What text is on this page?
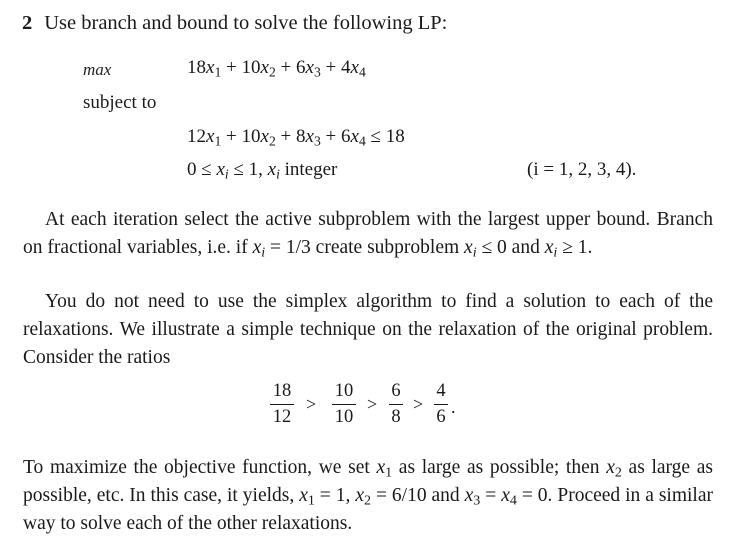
2 Use branch and bound to solve the following LP:
max	$18x_1 + 10x_2 + 6x_3 + 4x_4$
subject to
$12x_1 + 10x_2 + 8x_3 + 6x_4 \le 18$
$0 \le x_i \le 1$, $x_i$ integer	(i = 1, 2, 3, 4).
At each iteration select the active subproblem with the largest upper bound. Branch on fractional variables, i.e. if $x_i = 1/3$ create subproblem $x_i \le 0$ and $x_i \ge 1$.
You do not need to use the simplex algorithm to find a solution to each of the relaxations. We illustrate a simple technique on the relaxation of the original problem. Consider the ratios
18
12
>
10
10
>
6
8
>
4
6 .
To maximize the objective function, we set $x_1$ as large as possible; then $x_2$ as large as possible, etc. In this case, it yields, $x_1 = 1$, $x_2 = 6/10$ and $x_3 = x_4 = 0$. Proceed in a similar way to solve each of the other relaxations.
